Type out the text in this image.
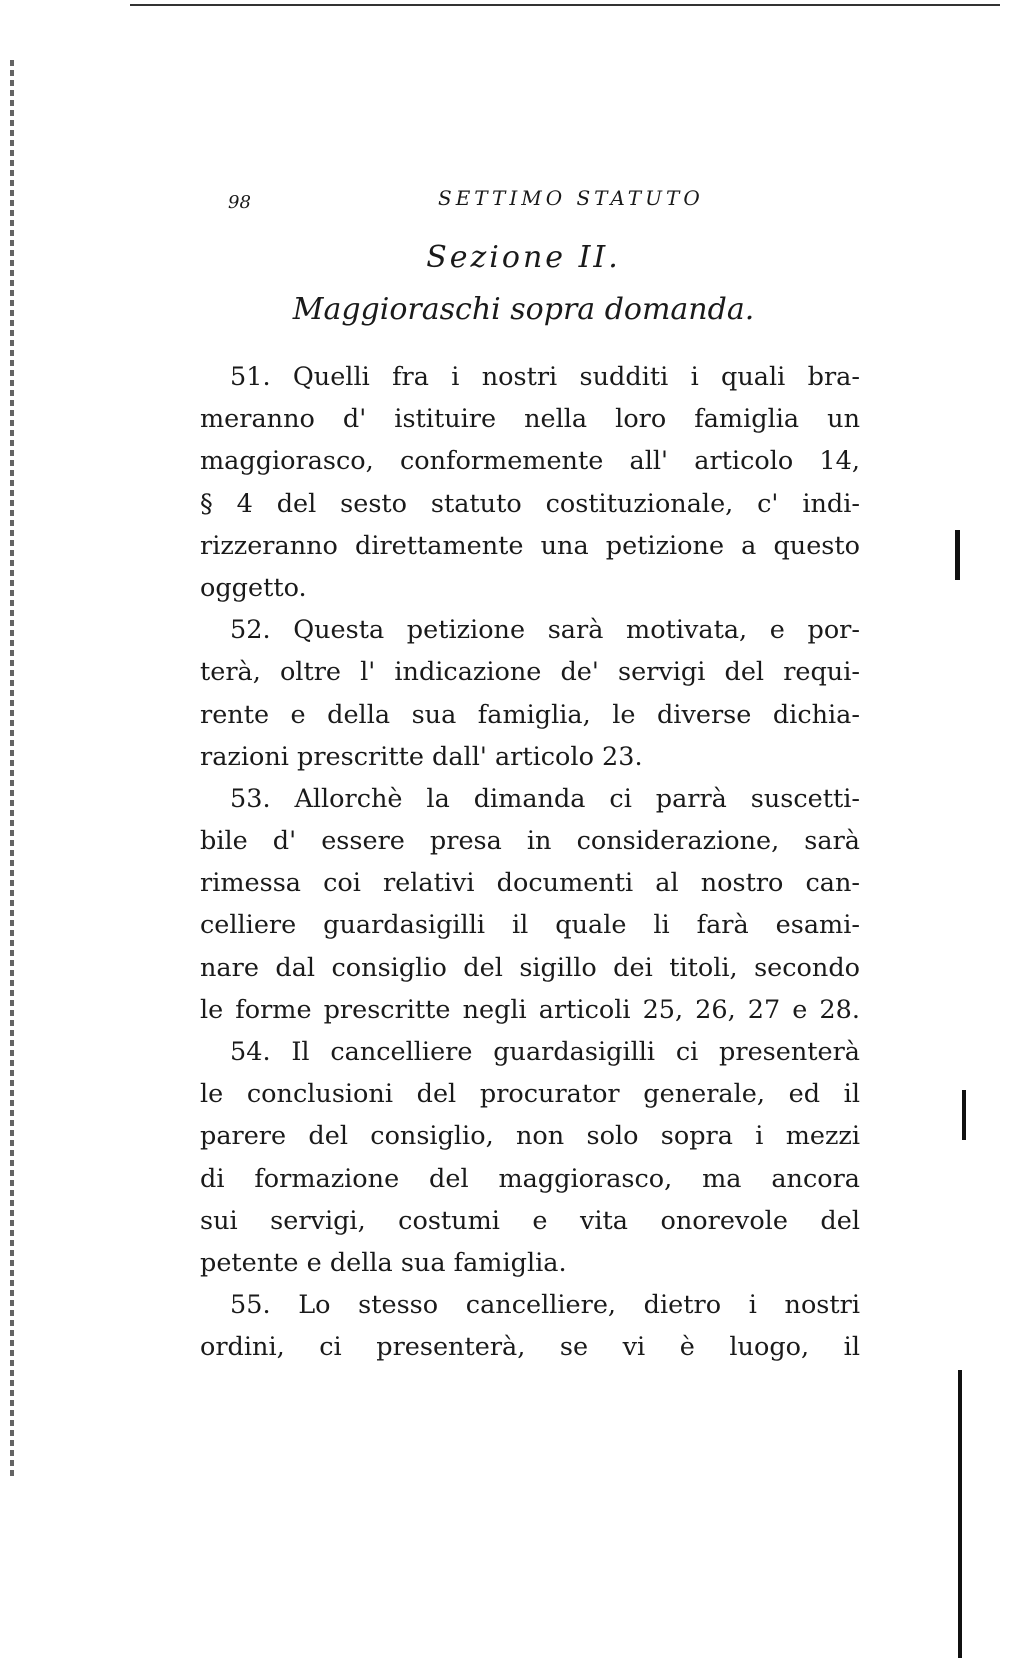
98	SETTIMO STATUTO
Sezione II.
Maggioraschi sopra domanda.
51. Quelli fra i nostri sudditi i quali bra-
meranno d' istituire nella loro famiglia un
maggiorasco, conformemente all' articolo 14,
§ 4 del sesto statuto costituzionale, c' indi-
rizzeranno direttamente una petizione a questo
oggetto.
52. Questa petizione sarà motivata, e por-
terà, oltre l' indicazione de' servigi del requi-
rente e della sua famiglia, le diverse dichia-
razioni prescritte dall' articolo 23.
53. Allorchè la dimanda ci parrà suscetti-
bile d' essere presa in considerazione, sarà
rimessa coi relativi documenti al nostro can-
celliere guardasigilli il quale li farà esami-
nare dal consiglio del sigillo dei titoli, secondo
le forme prescritte negli articoli 25, 26, 27 e 28.
54. Il cancelliere guardasigilli ci presenterà
le conclusioni del procurator generale, ed il
parere del consiglio, non solo sopra i mezzi
di formazione del maggiorasco, ma ancora
sui servigi, costumi e vita onorevole del
petente e della sua famiglia.
55. Lo stesso cancelliere, dietro i nostri
ordini, ci presenterà, se vi è luogo, il
